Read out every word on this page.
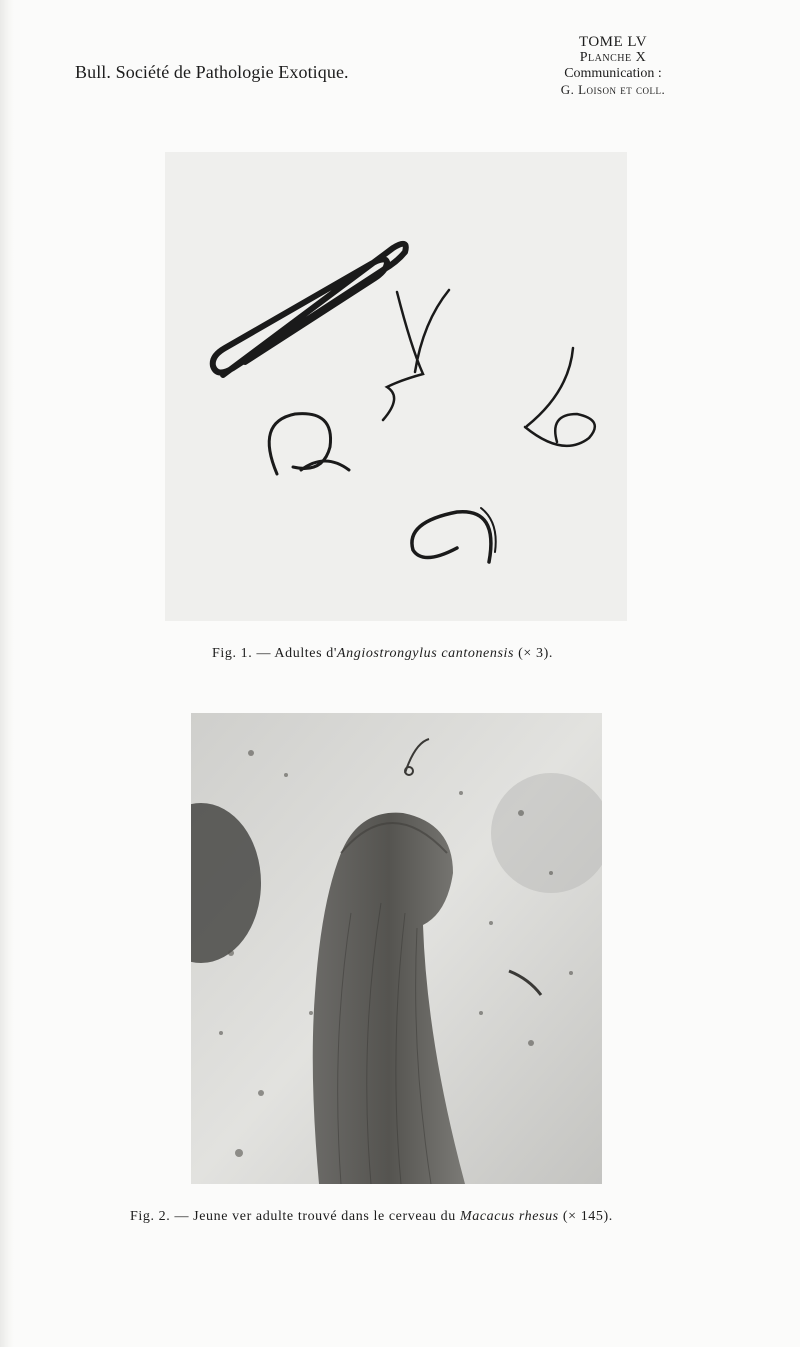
Bull. Société de Pathologie Exotique.
TOME LV
Planche X
Communication :
G. Loison et coll.
Fig. 1. — Adultes d'Angiostrongylus cantonensis (× 3).
Fig. 2. — Jeune ver adulte trouvé dans le cerveau du Macacus rhesus (× 145).
